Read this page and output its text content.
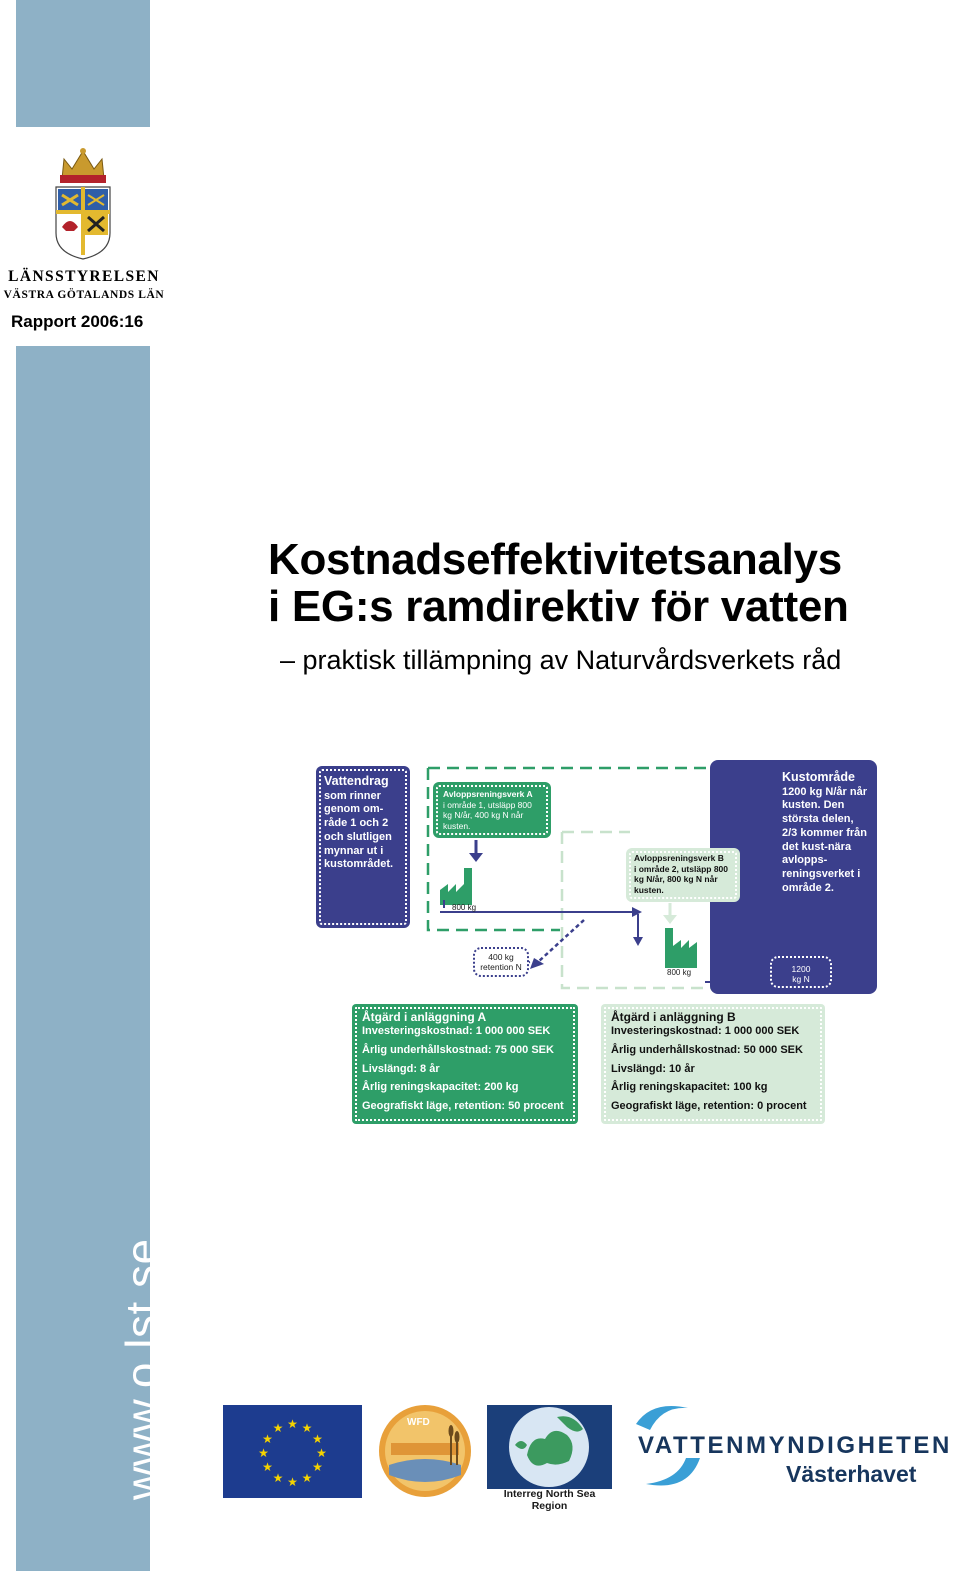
LÄNSSTYRELSEN
VÄSTRA GÖTALANDS LÄN
Rapport 2006:16
Kostnadseffektivitetsanalys
i EG:s ramdirektiv för vatten
– praktisk tillämpning av Naturvårdsverkets råd
Vattendrag
som rinner genom om-råde 1 och 2 och slutligen mynnar ut i kustområdet.
Kustområde
1200 kg N/år når kusten. Den största delen, 2/3 kommer från det kust-nära avlopps-reningsverket i område 2.
Avloppsreningsverk A
i område 1, utsläpp 800 kg N/år, 400 kg N når kusten.
Avloppsreningsverk B
i område 2, utsläpp 800 kg N/år, 800 kg N når kusten.
800 kg
800 kg
400 kg
retention N	1200
kg N
Åtgärd i anläggning A
Investeringskostnad: 1 000 000 SEK
Årlig underhållskostnad: 75 000 SEK
Livslängd: 8 år
Årlig reningskapacitet: 200 kg
Geografiskt läge, retention: 50 procent
Åtgärd i anläggning B
Investeringskostnad: 1 000 000 SEK
Årlig underhållskostnad: 50 000 SEK
Livslängd: 10 år
Årlig reningskapacitet: 100 kg
Geografiskt läge, retention: 0 procent
www.o.lst.se	★ ★
★
★
★
★
★
★
★
★
★
★	WFD
Interreg North Sea Region
VATTENMYNDIGHETEN
Västerhavet
